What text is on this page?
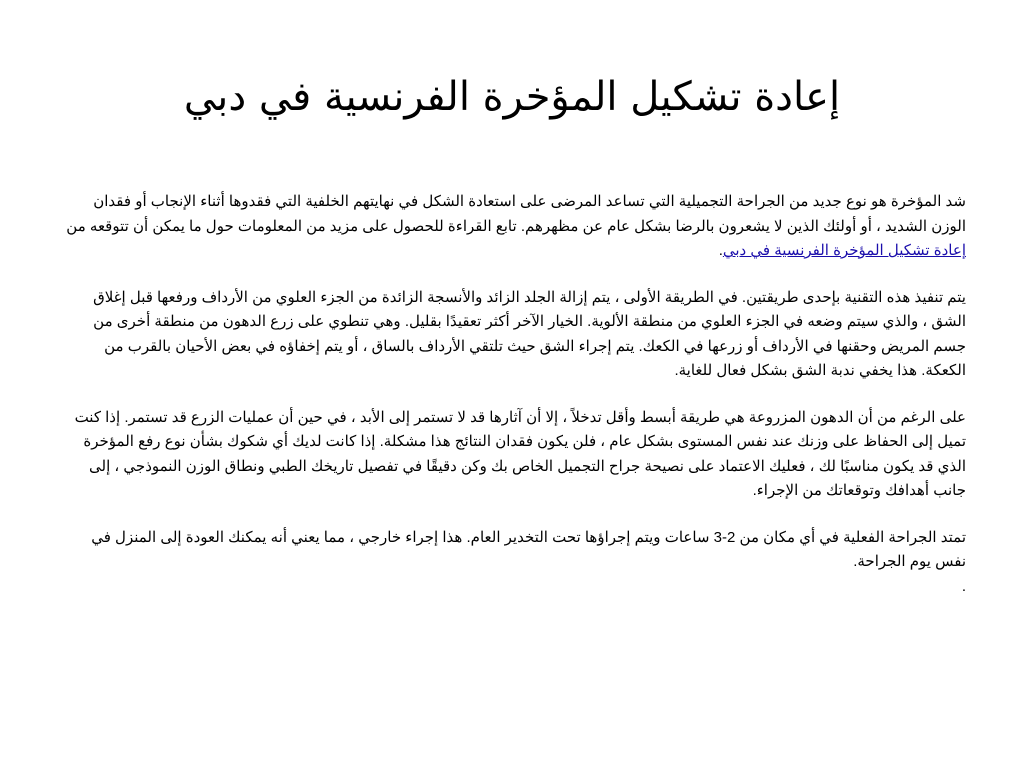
إعادة تشكيل المؤخرة الفرنسية في دبي

شد المؤخرة هو نوع جديد من الجراحة التجميلية التي تساعد المرضى على استعادة الشكل في نهايتهم الخلفية التي فقدوها أثناء الإنجاب أو فقدان الوزن الشديد ، أو أولئك الذين لا يشعرون بالرضا بشكل عام عن مظهرهم. تابع القراءة للحصول على مزيد من المعلومات حول ما يمكن أن تتوقعه من إعادة تشكيل المؤخرة الفرنسية في دبي.

يتم تنفيذ هذه التقنية بإحدى طريقتين. في الطريقة الأولى ، يتم إزالة الجلد الزائد والأنسجة الزائدة من الجزء العلوي من الأرداف ورفعها قبل إغلاق الشق ، والذي سيتم وضعه في الجزء العلوي من منطقة الألوية. الخيار الآخر أكثر تعقيدًا بقليل. وهي تنطوي على زرع الدهون من منطقة أخرى من جسم المريض وحقنها في الأرداف أو زرعها في الكعك. يتم إجراء الشق حيث تلتقي الأرداف بالساق ، أو يتم إخفاؤه في بعض الأحيان بالقرب من الكعكة. هذا يخفي ندبة الشق بشكل فعال للغاية.

على الرغم من أن الدهون المزروعة هي طريقة أبسط وأقل تدخلاً ، إلا أن آثارها قد لا تستمر إلى الأبد ، في حين أن عمليات الزرع قد تستمر. إذا كنت تميل إلى الحفاظ على وزنك عند نفس المستوى بشكل عام ، فلن يكون فقدان النتائج هذا مشكلة. إذا كانت لديك أي شكوك بشأن نوع رفع المؤخرة الذي قد يكون مناسبًا لك ، فعليك الاعتماد على نصيحة جراح التجميل الخاص بك وكن دقيقًا في تفصيل تاريخك الطبي ونطاق الوزن النموذجي ، إلى جانب أهدافك وتوقعاتك من الإجراء.

تمتد الجراحة الفعلية في أي مكان من 2-3 ساعات ويتم إجراؤها تحت التخدير العام. هذا إجراء خارجي ، مما يعني أنه يمكنك العودة إلى المنزل في نفس يوم الجراحة.

.
